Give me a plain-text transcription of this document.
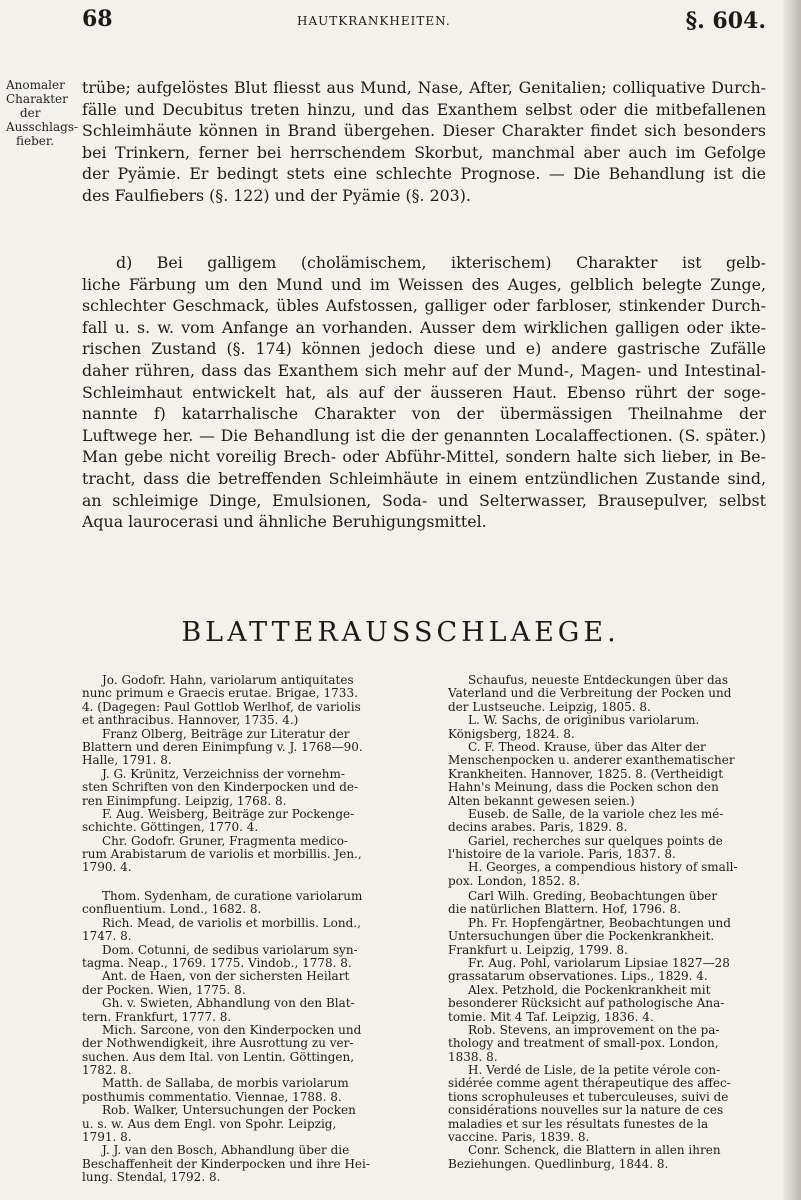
68	HAUTKRANKHEITEN.	§. 604.
Anomaler
Charakter
der
Ausschlags-
fieber.
trübe; aufgelöstes Blut fliesst aus Mund, Nase, After, Genitalien; colliquative Durch-
fälle und Decubitus treten hinzu, und das Exanthem selbst oder die mitbefallenen
Schleimhäute können in Brand übergehen. Dieser Charakter findet sich besonders
bei Trinkern, ferner bei herrschendem Skorbut, manchmal aber auch im Gefolge
der Pyämie. Er bedingt stets eine schlechte Prognose. — Die Behandlung ist die
des Faulfiebers (§. 122) und der Pyämie (§. 203).
d) Bei galligem (cholämischem, ikterischem) Charakter ist gelb-
liche Färbung um den Mund und im Weissen des Auges, gelblich belegte Zunge,
schlechter Geschmack, übles Aufstossen, galliger oder farbloser, stinkender Durch-
fall u. s. w. vom Anfange an vorhanden. Ausser dem wirklichen galligen oder ikte-
rischen Zustand (§. 174) können jedoch diese und e) andere gastrische Zufälle
daher rühren, dass das Exanthem sich mehr auf der Mund-, Magen- und Intestinal-
Schleimhaut entwickelt hat, als auf der äusseren Haut. Ebenso rührt der soge-
nannte f) katarrhalische Charakter von der übermässigen Theilnahme der
Luftwege her. — Die Behandlung ist die der genannten Localaffectionen. (S. später.)
Man gebe nicht voreilig Brech- oder Abführ-Mittel, sondern halte sich lieber, in Be-
tracht, dass die betreffenden Schleimhäute in einem entzündlichen Zustande sind,
an schleimige Dinge, Emulsionen, Soda- und Selterwasser, Brausepulver, selbst
Aqua laurocerasi und ähnliche Beruhigungsmittel.
BLATTERAUSSCHLAEGE.
Jo. Godofr. Hahn, variolarum antiquitates
nunc primum e Graecis erutae. Brigae, 1733.
4. (Dagegen: Paul Gottlob Werlhof, de variolis
et anthracibus. Hannover, 1735. 4.)
Franz Olberg, Beiträge zur Literatur der
Blattern und deren Einimpfung v. J. 1768—90.
Halle, 1791. 8.
J. G. Krünitz, Verzeichniss der vornehm-
sten Schriften von den Kinderpocken und de-
ren Einimpfung. Leipzig, 1768. 8.
F. Aug. Weisberg, Beiträge zur Pockenge-
schichte. Göttingen, 1770. 4.
Chr. Godofr. Gruner, Fragmenta medico-
rum Arabistarum de variolis et morbillis. Jen.,
1790. 4.
Schaufus, neueste Entdeckungen über das
Vaterland und die Verbreitung der Pocken und
der Lustseuche. Leipzig, 1805. 8.
L. W. Sachs, de originibus variolarum.
Königsberg, 1824. 8.
C. F. Theod. Krause, über das Alter der
Menschenpocken u. anderer exanthematischer
Krankheiten. Hannover, 1825. 8. (Vertheidigt
Hahn's Meinung, dass die Pocken schon den
Alten bekannt gewesen seien.)
Euseb. de Salle, de la variole chez les mé-
decins arabes. Paris, 1829. 8.
Gariel, recherches sur quelques points de
l'histoire de la variole. Paris, 1837. 8.
H. Georges, a compendious history of small-
pox. London, 1852. 8.
Thom. Sydenham, de curatione variolarum
confluentium. Lond., 1682. 8.
Rich. Mead, de variolis et morbillis. Lond.,
1747. 8.
Dom. Cotunni, de sedibus variolarum syn-
tagma. Neap., 1769. 1775. Vindob., 1778. 8.
Ant. de Haen, von der sichersten Heilart
der Pocken. Wien, 1775. 8.
Gh. v. Swieten, Abhandlung von den Blat-
tern. Frankfurt, 1777. 8.
Mich. Sarcone, von den Kinderpocken und
der Nothwendigkeit, ihre Ausrottung zu ver-
suchen. Aus dem Ital. von Lentin. Göttingen,
1782. 8.
Matth. de Sallaba, de morbis variolarum
posthumis commentatio. Viennae, 1788. 8.
Rob. Walker, Untersuchungen der Pocken
u. s. w. Aus dem Engl. von Spohr. Leipzig,
1791. 8.
J. J. van den Bosch, Abhandlung über die
Beschaffenheit der Kinderpocken und ihre Hei-
lung. Stendal, 1792. 8.
Carl Wilh. Greding, Beobachtungen über
die natürlichen Blattern. Hof, 1796. 8.
Ph. Fr. Hopfengärtner, Beobachtungen und
Untersuchungen über die Pockenkrankheit.
Frankfurt u. Leipzig, 1799. 8.
Fr. Aug. Pohl, variolarum Lipsiae 1827—28
grassatarum observationes. Lips., 1829. 4.
Alex. Petzhold, die Pockenkrankheit mit
besonderer Rücksicht auf pathologische Ana-
tomie. Mit 4 Taf. Leipzig, 1836. 4.
Rob. Stevens, an improvement on the pa-
thology and treatment of small-pox. London,
1838. 8.
H. Verdé de Lisle, de la petite vérole con-
sidérée comme agent thérapeutique des affec-
tions scrophuleuses et tuberculeuses, suivi de
considérations nouvelles sur la nature de ces
maladies et sur les résultats funestes de la
vaccine. Paris, 1839. 8.
Conr. Schenck, die Blattern in allen ihren
Beziehungen. Quedlinburg, 1844. 8.
